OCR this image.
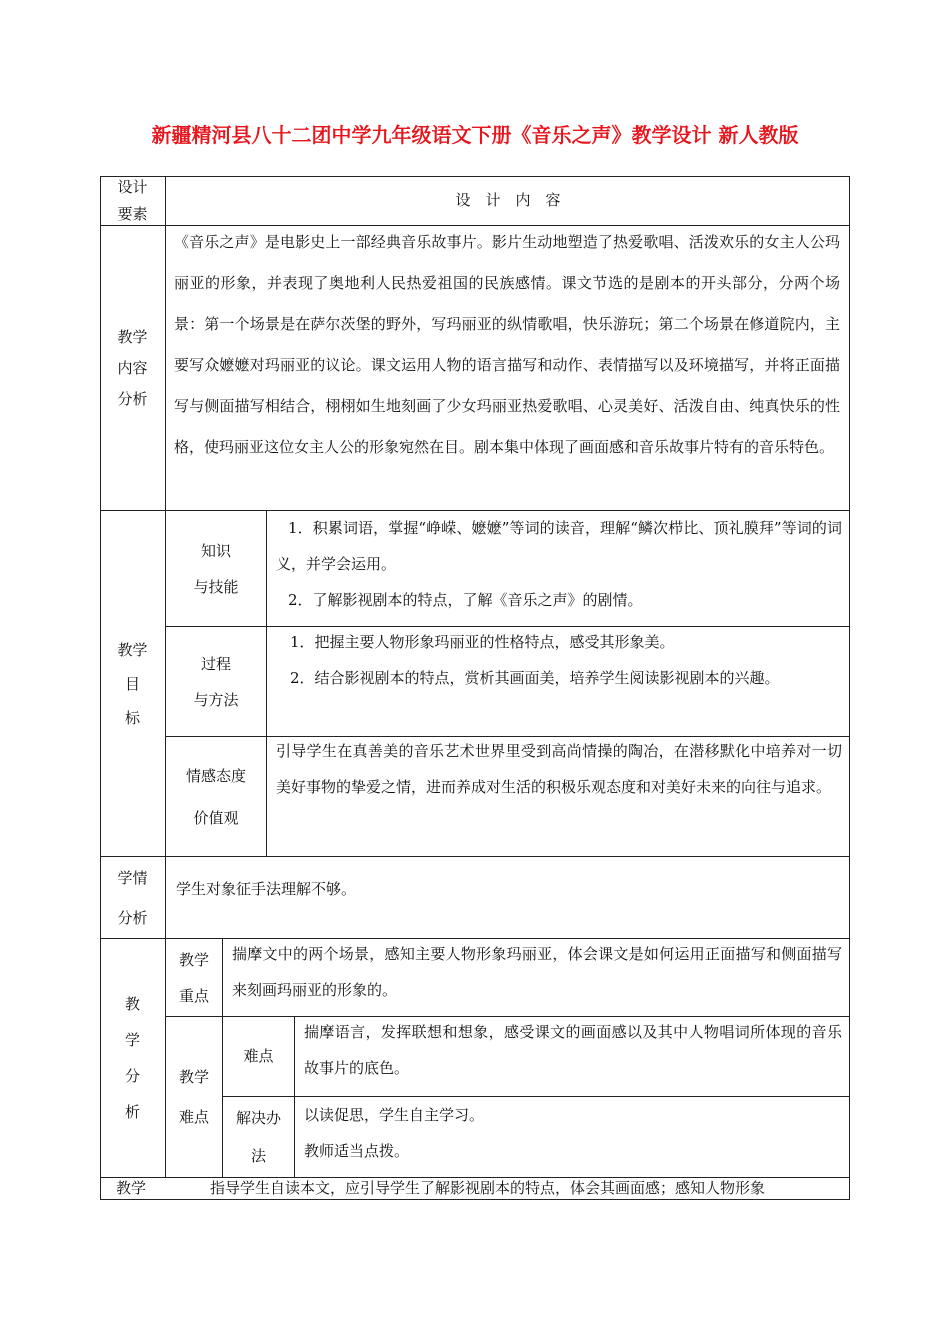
新疆精河县八十二团中学九年级语文下册《音乐之声》教学设计 新人教版
设计
要素
设　计　内　容
教学
内容
分析
《音乐之声》是电影史上一部经典音乐故事片。影片生动地塑造了热爱歌唱、活泼欢乐的女主人公玛丽亚的形象，并表现了奥地利人民热爱祖国的民族感情。课文节选的是剧本的开头部分，分两个场景：第一个场景是在萨尔茨堡的野外，写玛丽亚的纵情歌唱，快乐游玩；第二个场景在修道院内，主要写众嬷嬷对玛丽亚的议论。课文运用人物的语言描写和动作、表情描写以及环境描写，并将正面描写与侧面描写相结合，栩栩如生地刻画了少女玛丽亚热爱歌唱、心灵美好、活泼自由、纯真快乐的性格，使玛丽亚这位女主人公的形象宛然在目。剧本集中体现了画面感和音乐故事片特有的音乐特色。
教学
目
标
知识
与技能
1．积累词语，掌握“峥嵘、嬷嬷”等词的读音，理解“鳞次栉比、顶礼膜拜”等词的词义，并学会运用。
2．了解影视剧本的特点，了解《音乐之声》的剧情。
过程
与方法
1．把握主要人物形象玛丽亚的性格特点，感受其形象美。
2．结合影视剧本的特点，赏析其画面美，培养学生阅读影视剧本的兴趣。
情感态度
价值观
引导学生在真善美的音乐艺术世界里受到高尚情操的陶冶，在潜移默化中培养对一切美好事物的挚爱之情，进而养成对生活的积极乐观态度和对美好未来的向往与追求。
学情
分析
学生对象征手法理解不够。
教
学
分
析
教学
重点
揣摩文中的两个场景，感知主要人物形象玛丽亚，体会课文是如何运用正面描写和侧面描写来刻画玛丽亚的形象的。
教学
难点
难点
揣摩语言，发挥联想和想象，感受课文的画面感以及其中人物唱词所体现的音乐故事片的底色。
解决办
法
以读促思，学生自主学习。
教师适当点拨。
教学	指导学生自读本文，应引导学生了解影视剧本的特点，体会其画面感；感知人物形象
